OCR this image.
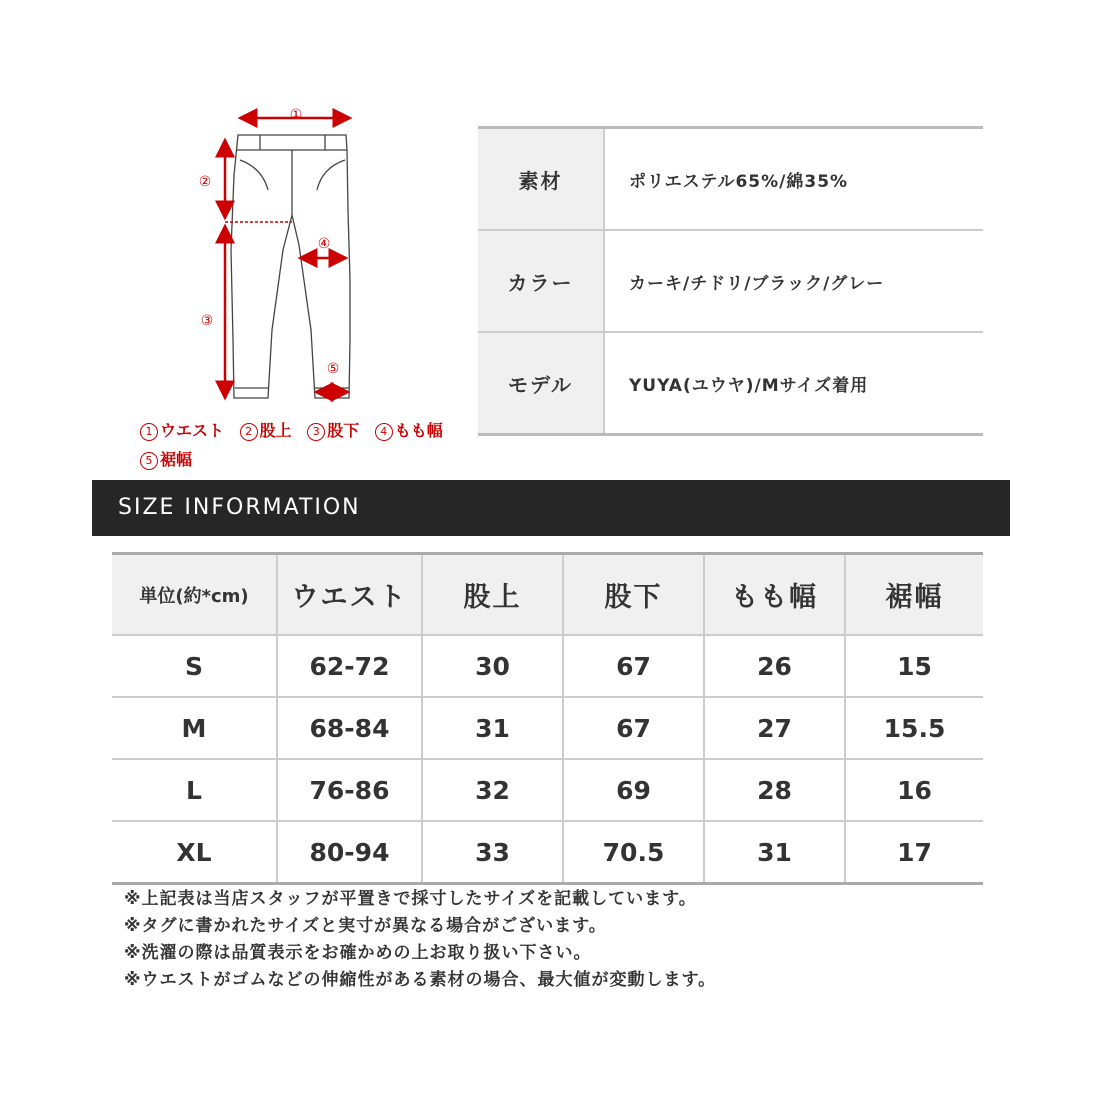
①
②
③
④
⑤
1 ウエスト 2 股上 3 股下 4 もも幅
5 裾幅
素材	ポリエステル65%/綿35%
カラー	カーキ/チドリ/ブラック/グレー
モデル	YUYA(ユウヤ)/Mサイズ着用
SIZE INFORMATION
単位(約*cm)	ウエスト	股上	股下	もも幅	裾幅
S	62-72	30	67	26	15
M	68-84	31	67	27	15.5
L	76-86	32	69	28	16
XL	80-94	33	70.5	31	17
※上記表は当店スタッフが平置きで採寸したサイズを記載しています。
※タグに書かれたサイズと実寸が異なる場合がございます。
※洗濯の際は品質表示をお確かめの上お取り扱い下さい。
※ウエストがゴムなどの伸縮性がある素材の場合、最大値が変動します。
